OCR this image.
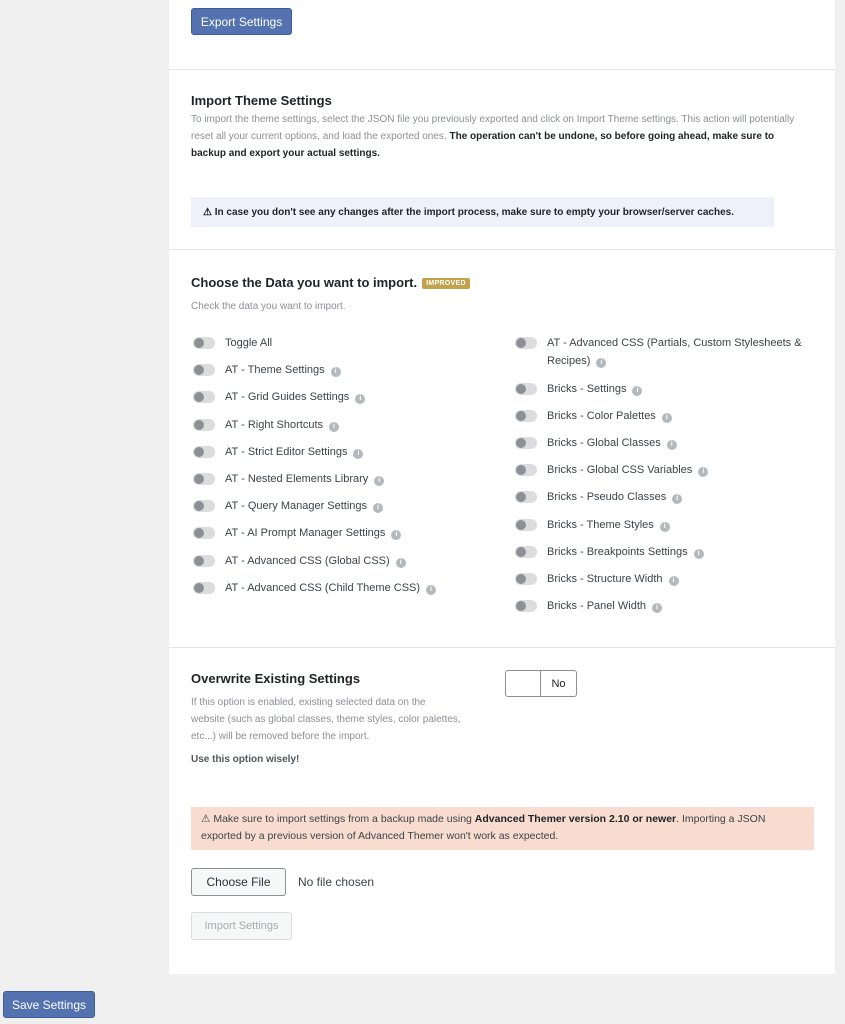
Export Settings
Import Theme Settings
To import the theme settings, select the JSON file you previously exported and click on Import Theme settings. This action will potentially reset all your current options, and load the exported ones. The operation can't be undone, so before going ahead, make sure to backup and export your actual settings.
⚠
In case you don't see any changes after the import process, make sure to empty your browser/server caches.
Choose the Data you want to import. IMPROVED
Check the data you want to import.
Toggle All
AT - Theme Settings i
AT - Grid Guides Settings i
AT - Right Shortcuts i
AT - Strict Editor Settings i
AT - Nested Elements Library i
AT - Query Manager Settings i
AT - AI Prompt Manager Settings i
AT - Advanced CSS (Global CSS) i
AT - Advanced CSS (Child Theme CSS) i
AT - Advanced CSS (Partials, Custom Stylesheets & Recipes) i
Bricks - Settings i
Bricks - Color Palettes i
Bricks - Global Classes i
Bricks - Global CSS Variables i
Bricks - Pseudo Classes i
Bricks - Theme Styles i
Bricks - Breakpoints Settings i
Bricks - Structure Width i
Bricks - Panel Width i
Overwrite Existing Settings
If this option is enabled, existing selected data on the website (such as global classes, theme styles, color palettes, etc...) will be removed before the import.
Use this option wisely!
No
⚠ Make sure to import settings from a backup made using Advanced Themer version 2.10 or newer. Importing a JSON exported by a previous version of Advanced Themer won't work as expected.
Choose File	No file chosen
Import Settings
Save Settings
